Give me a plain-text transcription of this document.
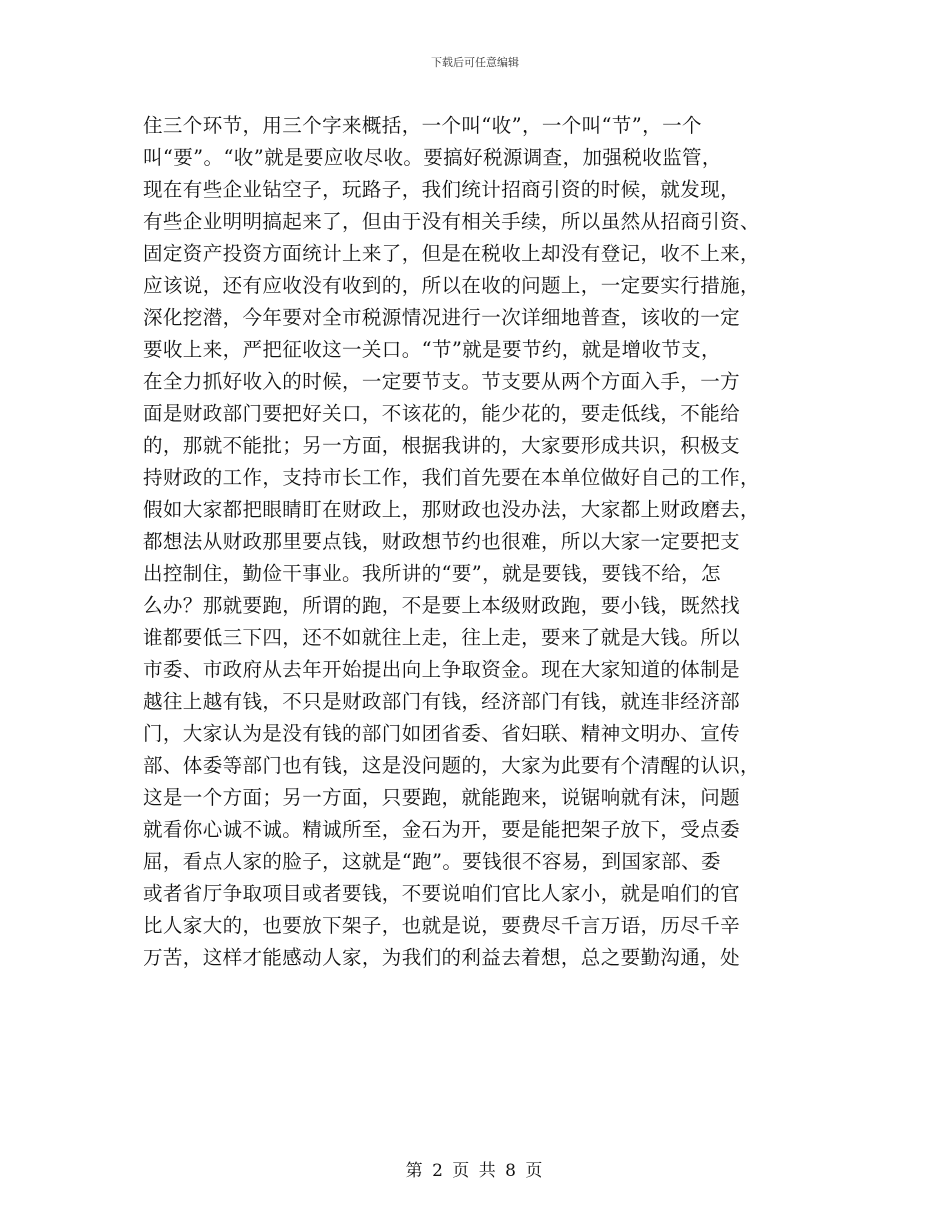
下载后可任意编辑
住三个环节，用三个字来概括，一个叫“收”，一个叫“节”，一个
叫“要”。“收”就是要应收尽收。要搞好税源调查，加强税收监管，
现在有些企业钻空子，玩路子，我们统计招商引资的时候，就发现，
有些企业明明搞起来了，但由于没有相关手续，所以虽然从招商引资、
固定资产投资方面统计上来了，但是在税收上却没有登记，收不上来，
应该说，还有应收没有收到的，所以在收的问题上，一定要实行措施，
深化挖潜，今年要对全市税源情况进行一次详细地普查，该收的一定
要收上来，严把征收这一关口。“节”就是要节约，就是增收节支，
在全力抓好收入的时候，一定要节支。节支要从两个方面入手，一方
面是财政部门要把好关口，不该花的，能少花的，要走低线，不能给
的，那就不能批；另一方面，根据我讲的，大家要形成共识，积极支
持财政的工作，支持市长工作，我们首先要在本单位做好自己的工作，
假如大家都把眼睛盯在财政上，那财政也没办法，大家都上财政磨去，
都想法从财政那里要点钱，财政想节约也很难，所以大家一定要把支
出控制住，勤俭干事业。我所讲的“要”，就是要钱，要钱不给，怎
么办？那就要跑，所谓的跑，不是要上本级财政跑，要小钱，既然找
谁都要低三下四，还不如就往上走，往上走，要来了就是大钱。所以
市委、市政府从去年开始提出向上争取资金。现在大家知道的体制是
越往上越有钱，不只是财政部门有钱，经济部门有钱，就连非经济部
门，大家认为是没有钱的部门如团省委、省妇联、精神文明办、宣传
部、体委等部门也有钱，这是没问题的，大家为此要有个清醒的认识，
这是一个方面；另一方面，只要跑，就能跑来，说锯响就有沫，问题
就看你心诚不诚。精诚所至，金石为开，要是能把架子放下，受点委
屈，看点人家的脸子，这就是“跑”。要钱很不容易，到国家部、委
或者省厅争取项目或者要钱，不要说咱们官比人家小，就是咱们的官
比人家大的，也要放下架子，也就是说，要费尽千言万语，历尽千辛
万苦，这样才能感动人家，为我们的利益去着想，总之要勤沟通，处
第 2 页 共 8 页
